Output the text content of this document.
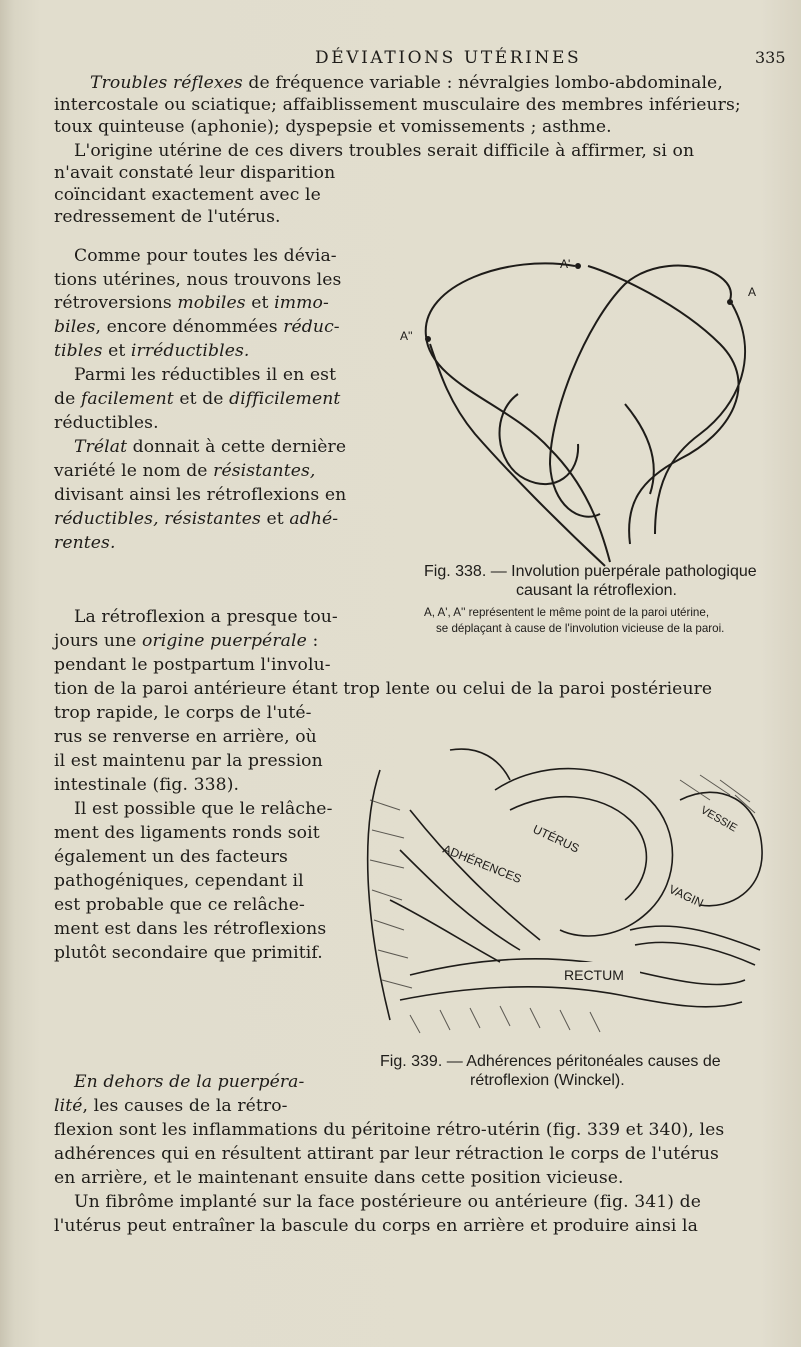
DÉVIATIONS UTÉRINES	335
Troubles réflexes de fréquence variable : névralgies lombo-abdominale,
intercostale ou sciatique; affaiblissement musculaire des membres inférieurs;
toux quinteuse (aphonie); dyspepsie et vomissements ; asthme.
L'origine utérine de ces divers troubles serait difficile à affirmer, si on
n'avait constaté leur disparition
coïncidant exactement avec le
redressement de l'utérus.
Comme pour toutes les dévia-
tions utérines, nous trouvons les
rétroversions mobiles et immo-
biles, encore dénommées réduc-
tibles et irréductibles.
Parmi les réductibles il en est
de facilement et de difficilement
réductibles.
Trélat donnait à cette dernière
variété le nom de résistantes,
divisant ainsi les rétroflexions en
réductibles, résistantes et adhé-
rentes.
A'
A
A''
Fig. 338. — Involution puerpérale pathologique
causant la rétroflexion.
A, A', A'' représentent le même point de la paroi utérine,
se déplaçant à cause de l'involution vicieuse de la paroi.
La rétroflexion a presque tou-
jours une origine puerpérale :
pendant le postpartum l'involu-
tion de la paroi antérieure étant trop lente ou celui de la paroi postérieure
trop rapide, le corps de l'uté-
rus se renverse en arrière, où
il est maintenu par la pression
intestinale (fig. 338).
Il est possible que le relâche-
ment des ligaments ronds soit
également un des facteurs
pathogéniques, cependant il
est probable que ce relâche-
ment est dans les rétroflexions
plutôt secondaire que primitif.
RECTUM
UTÉRUS
ADHÉRENCES
VESSIE
VAGIN
Fig. 339. — Adhérences péritonéales causes de
rétroflexion (Winckel).
En dehors de la puerpéra-
lité, les causes de la rétro-
flexion sont les inflammations du péritoine rétro-utérin (fig. 339 et 340), les
adhérences qui en résultent attirant par leur rétraction le corps de l'utérus
en arrière, et le maintenant ensuite dans cette position vicieuse.
Un fibrôme implanté sur la face postérieure ou antérieure (fig. 341) de
l'utérus peut entraîner la bascule du corps en arrière et produire ainsi la
